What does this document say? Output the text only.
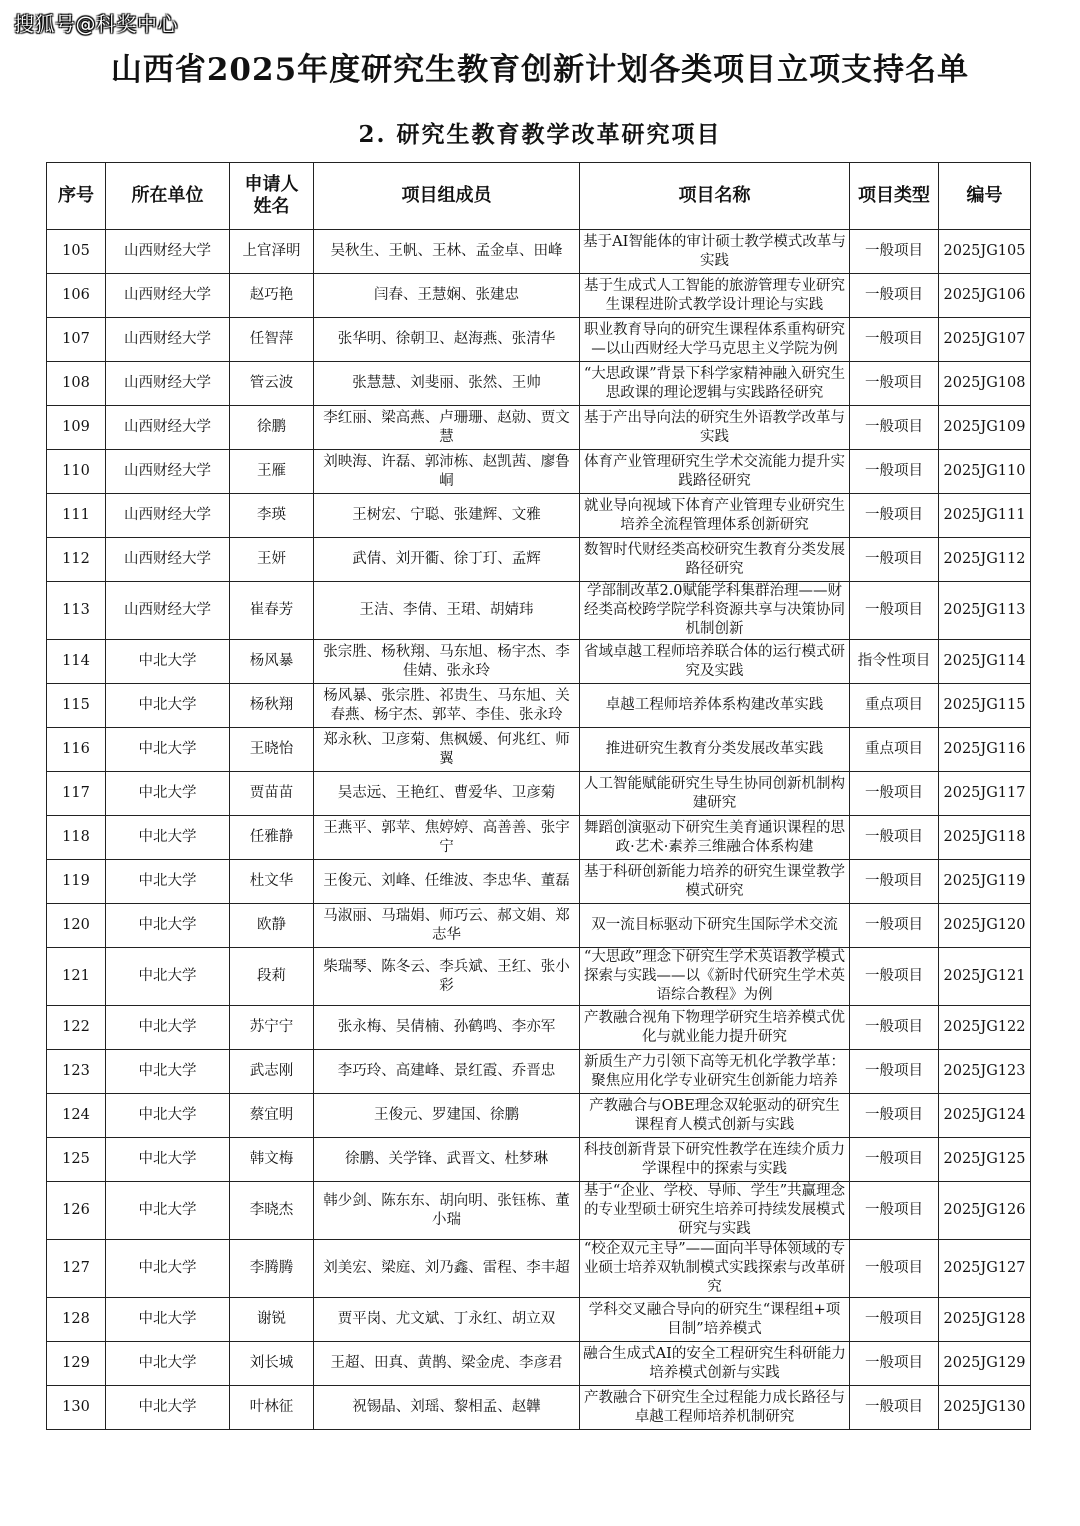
搜狐号@科奖中心
山西省2025年度研究生教育创新计划各类项目立项支持名单
2. 研究生教育教学改革研究项目
序号	所在单位	申请人姓名	项目组成员	项目名称	项目类型	编号
105	山西财经大学	上官泽明	吴秋生、王帆、王林、孟金卓、田峰	基于AI智能体的审计硕士教学模式改革与实践	一般项目	2025JG105
106	山西财经大学	赵巧艳	闫春、王慧娴、张建忠	基于生成式人工智能的旅游管理专业研究生课程进阶式教学设计理论与实践	一般项目	2025JG106
107	山西财经大学	任智萍	张华明、徐朝卫、赵海燕、张清华	职业教育导向的研究生课程体系重构研究—以山西财经大学马克思主义学院为例	一般项目	2025JG107
108	山西财经大学	管云波	张慧慧、刘斐丽、张然、王帅	“大思政课”背景下科学家精神融入研究生思政课的理论逻辑与实践路径研究	一般项目	2025JG108
109	山西财经大学	徐鹏	李红丽、梁高燕、卢珊珊、赵勍、贾文慧	基于产出导向法的研究生外语教学改革与实践	一般项目	2025JG109
110	山西财经大学	王雁	刘映海、许磊、郭沛栋、赵凯茜、廖鲁峒	体育产业管理研究生学术交流能力提升实践路径研究	一般项目	2025JG110
111	山西财经大学	李瑛	王树宏、宁聪、张建辉、文雅	就业导向视域下体育产业管理专业研究生培养全流程管理体系创新研究	一般项目	2025JG111
112	山西财经大学	王妍	武倩、刘开衢、徐丁玎、孟辉	数智时代财经类高校研究生教育分类发展路径研究	一般项目	2025JG112
113	山西财经大学	崔春芳	王洁、李倩、王珺、胡婧玮	学部制改革2.0赋能学科集群治理——财经类高校跨学院学科资源共享与决策协同机制创新	一般项目	2025JG113
114	中北大学	杨风暴	张宗胜、杨秋翔、马东旭、杨宇杰、李佳婧、张永玲	省域卓越工程师培养联合体的运行模式研究及实践	指令性项目	2025JG114
115	中北大学	杨秋翔	杨风暴、张宗胜、祁贵生、马东旭、关春燕、杨宇杰、郭苹、李佳、张永玲	卓越工程师培养体系构建改革实践	重点项目	2025JG115
116	中北大学	王晓怡	郑永秋、卫彦菊、焦枫媛、何兆红、师翼	推进研究生教育分类发展改革实践	重点项目	2025JG116
117	中北大学	贾苗苗	吴志远、王艳红、曹爱华、卫彦菊	人工智能赋能研究生导生协同创新机制构建研究	一般项目	2025JG117
118	中北大学	任雅静	王燕平、郭苹、焦婷婷、高善善、张宇宁	舞蹈创演驱动下研究生美育通识课程的思政·艺术·素养三维融合体系构建	一般项目	2025JG118
119	中北大学	杜文华	王俊元、刘峰、任维波、李忠华、董磊	基于科研创新能力培养的研究生课堂教学模式研究	一般项目	2025JG119
120	中北大学	欧静	马淑丽、马瑞娟、师巧云、郝文娟、郑志华	双一流目标驱动下研究生国际学术交流	一般项目	2025JG120
121	中北大学	段莉	柴瑞琴、陈冬云、李兵斌、王红、张小彩	“大思政”理念下研究生学术英语教学模式探索与实践——以《新时代研究生学术英语综合教程》为例	一般项目	2025JG121
122	中北大学	苏宁宁	张永梅、吴倩楠、孙鹤鸣、李亦军	产教融合视角下物理学研究生培养模式优化与就业能力提升研究	一般项目	2025JG122
123	中北大学	武志刚	李巧玲、高建峰、景红霞、乔晋忠	新质生产力引领下高等无机化学教学革：聚焦应用化学专业研究生创新能力培养	一般项目	2025JG123
124	中北大学	蔡宜明	王俊元、罗建国、徐鹏	产教融合与OBE理念双轮驱动的研究生课程育人模式创新与实践	一般项目	2025JG124
125	中北大学	韩文梅	徐鹏、关学锋、武晋文、杜梦琳	科技创新背景下研究性教学在连续介质力学课程中的探索与实践	一般项目	2025JG125
126	中北大学	李晓杰	韩少剑、陈东东、胡向明、张钰栋、董小瑞	基于“企业、学校、导师、学生”共赢理念的专业型硕士研究生培养可持续发展模式研究与实践	一般项目	2025JG126
127	中北大学	李腾腾	刘美宏、梁庭、刘乃鑫、雷程、李丰超	“校企双元主导”——面向半导体领域的专业硕士培养双轨制模式实践探索与改革研究	一般项目	2025JG127
128	中北大学	谢锐	贾平岗、尤文斌、丁永红、胡立双	学科交叉融合导向的研究生“课程组+项目制”培养模式	一般项目	2025JG128
129	中北大学	刘长城	王超、田真、黄鹊、梁金虎、李彦君	融合生成式AI的安全工程研究生科研能力培养模式创新与实践	一般项目	2025JG129
130	中北大学	叶林征	祝锡晶、刘瑶、黎相孟、赵韡	产教融合下研究生全过程能力成长路径与卓越工程师培养机制研究	一般项目	2025JG130
